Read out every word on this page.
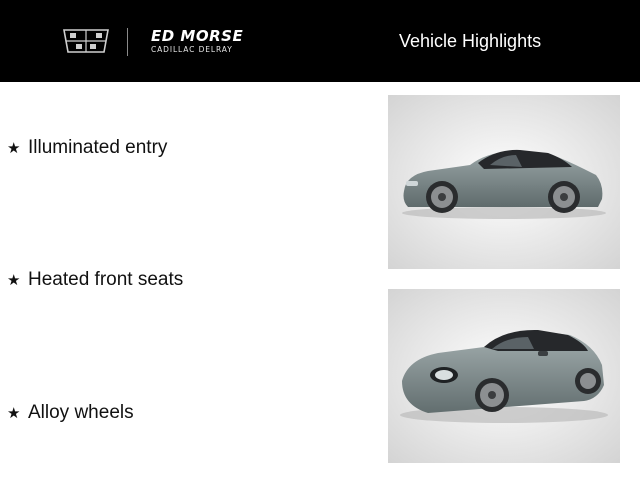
ED MORSE
CADILLAC DELRAY	Vehicle Highlights
★ Illuminated entry
★ Heated front seats
★ Alloy wheels
